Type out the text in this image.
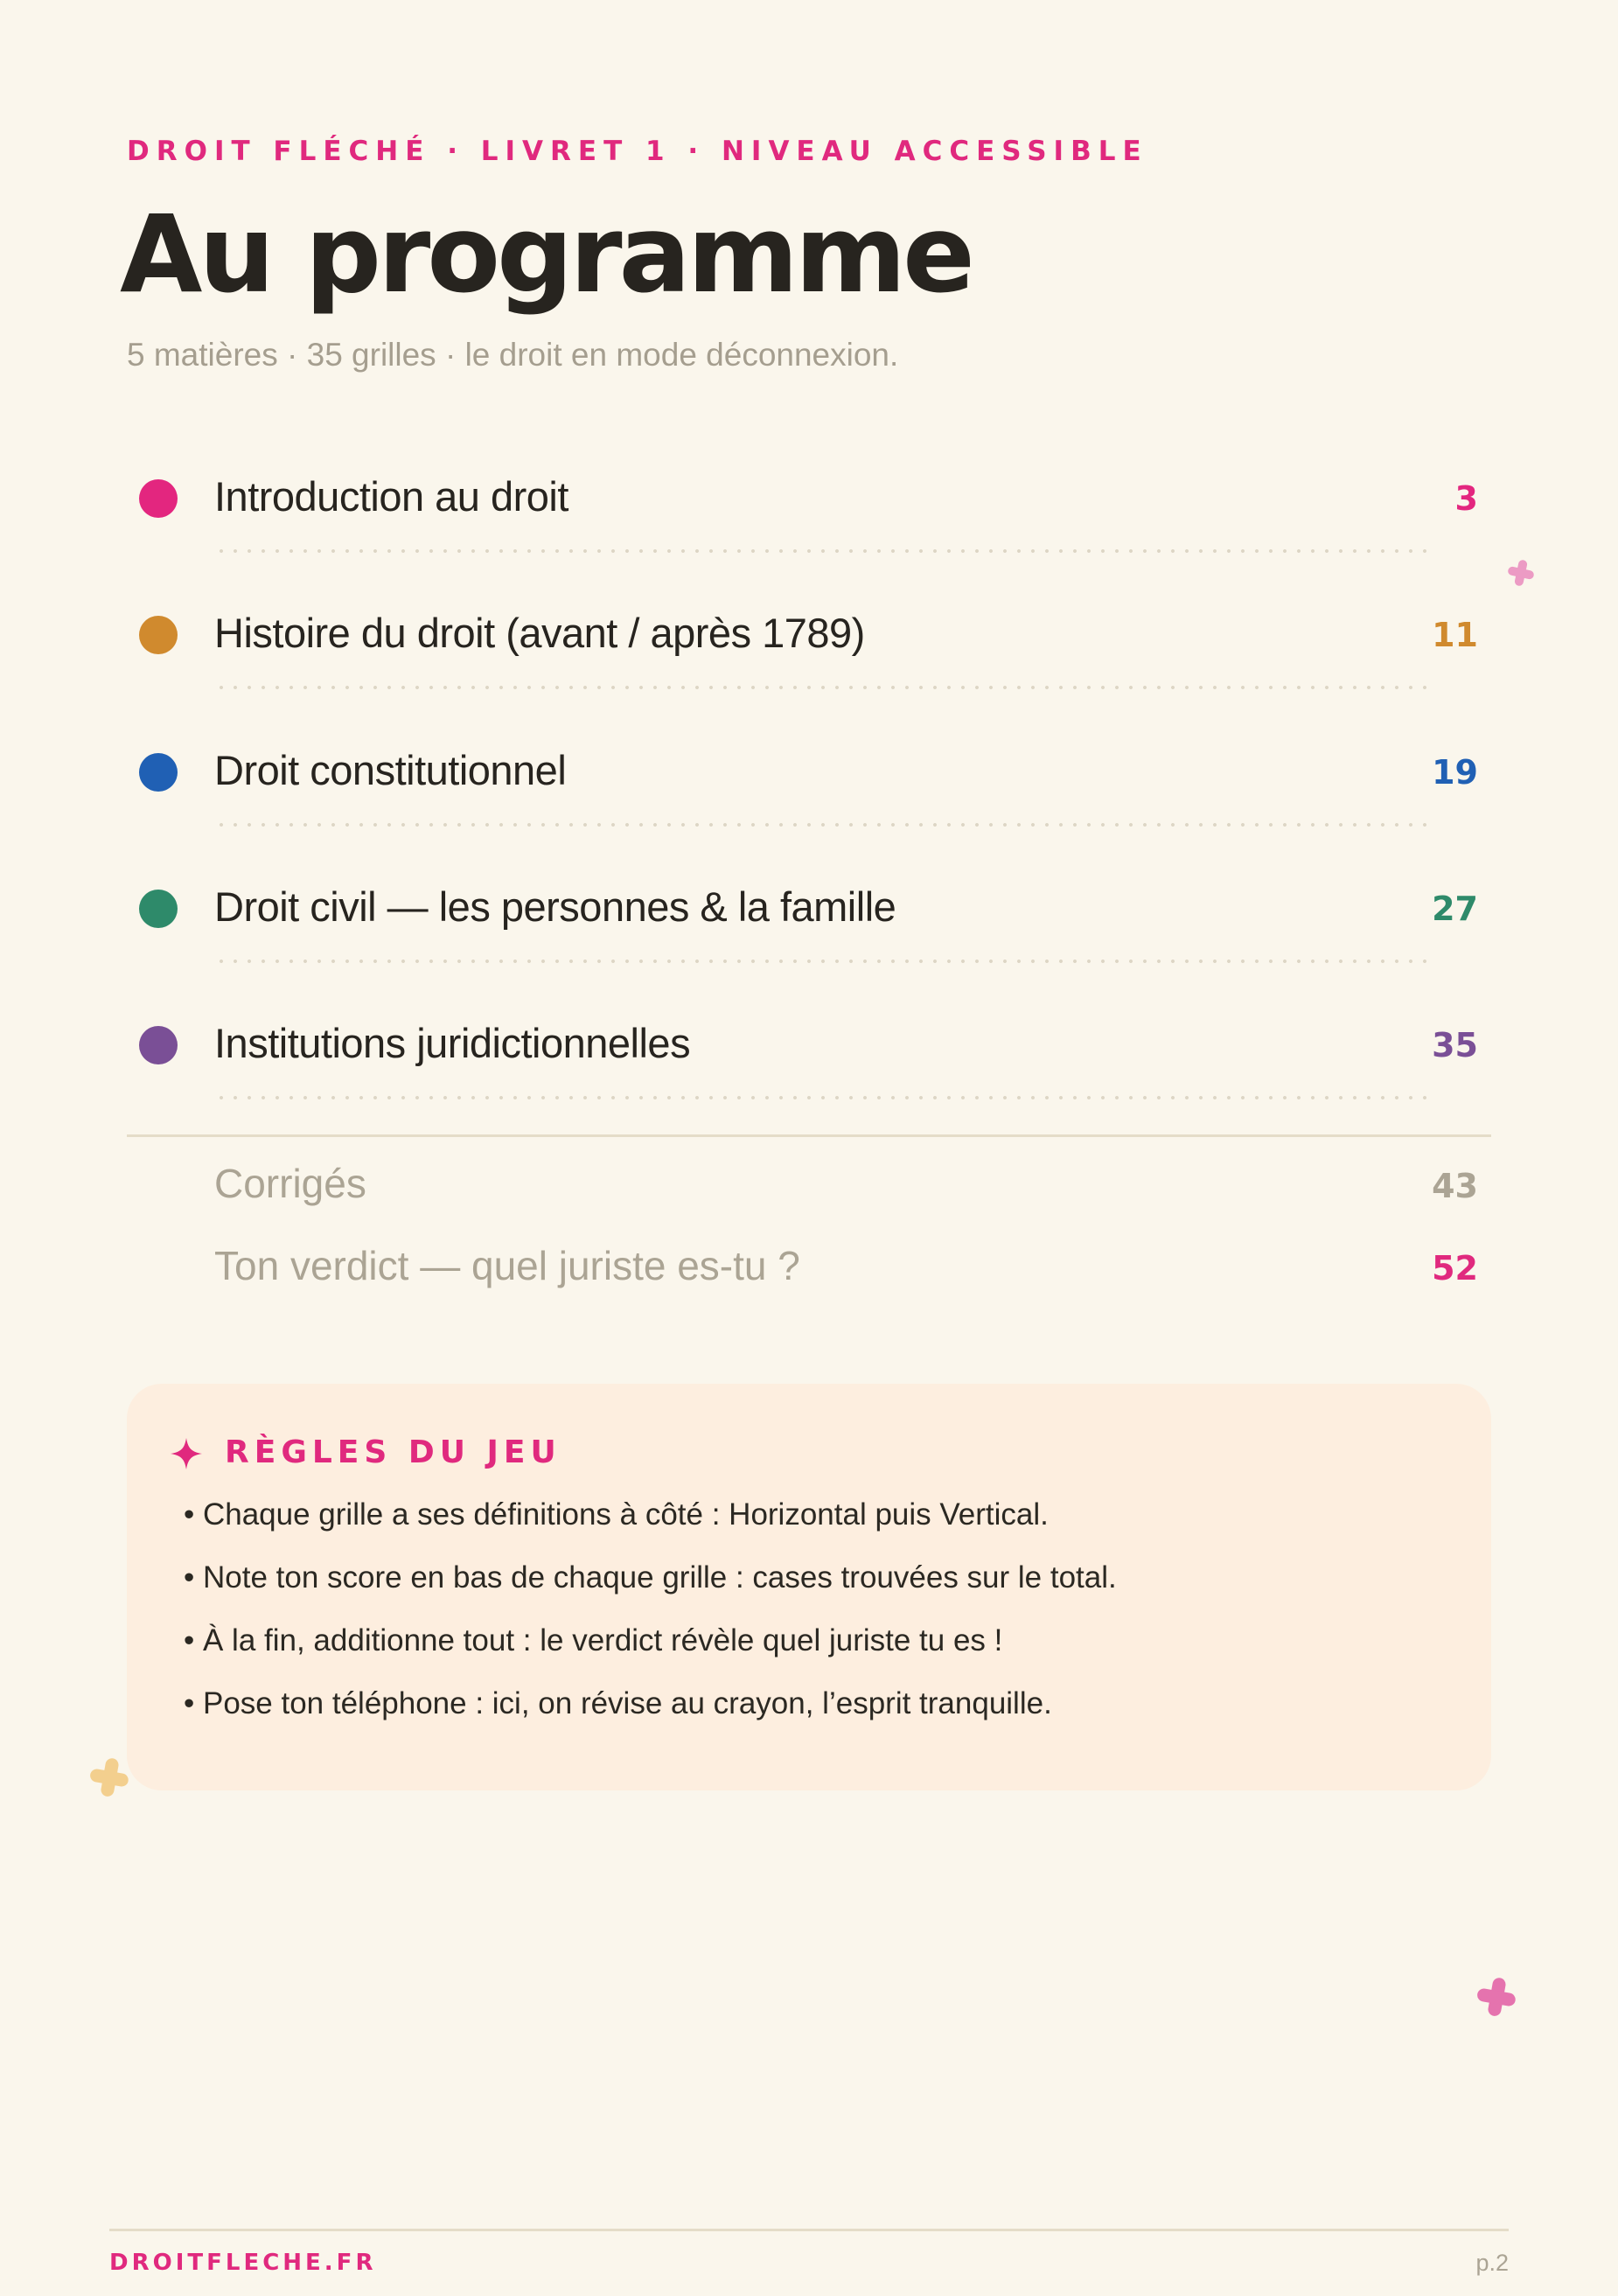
DROIT FLÉCHÉ · LIVRET 1 · NIVEAU ACCESSIBLE
Au programme
5 matières · 35 grilles · le droit en mode déconnexion.
Introduction au droit	3
Histoire du droit (avant / après 1789)	11
Droit constitutionnel	19
Droit civil — les personnes & la famille	27
Institutions juridictionnelles	35
Corrigés	43
Ton verdict — quel juriste es-tu ?	52
RÈGLES DU JEU
• Chaque grille a ses définitions à côté : Horizontal puis Vertical.
• Note ton score en bas de chaque grille : cases trouvées sur le total.
• À la fin, additionne tout : le verdict révèle quel juriste tu es !
• Pose ton téléphone : ici, on révise au crayon, l’esprit tranquille.
DROITFLECHE.FR	p.2
